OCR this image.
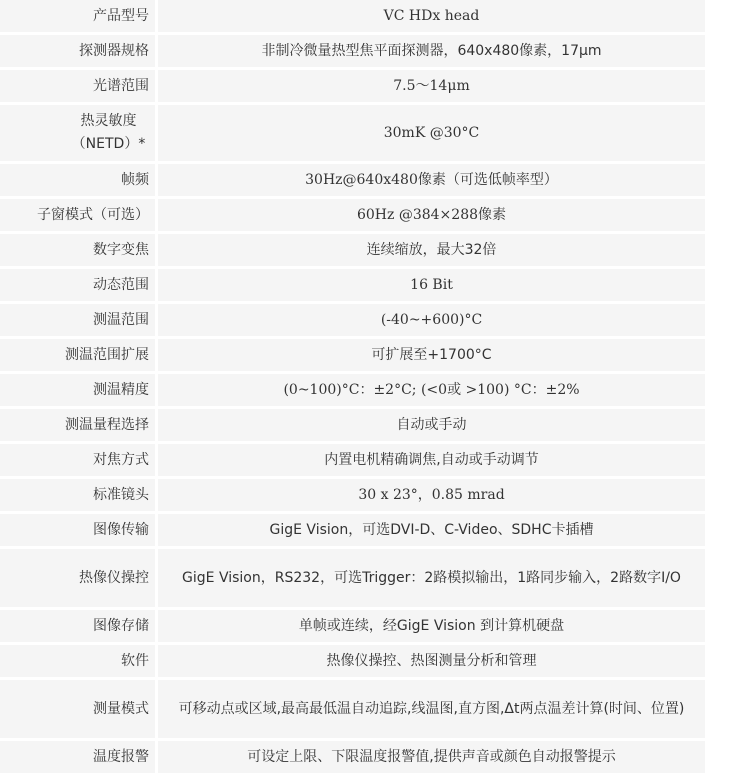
产品型号	VC HDx head
探测器规格	非制冷微量热型焦平面探测器，640x480像素，17μm
光谱范围	7.5～14μm
热灵敏度（NETD）*	30mK @30°C
帧频	30Hz@640x480像素（可选低帧率型）
子窗模式（可选）	60Hz @384×288像素
数字变焦	连续缩放，最大32倍
动态范围	16 Bit
测温范围	(-40~+600)°C
测温范围扩展	可扩展至+1700°C
测温精度	(0~100)°C：±2°C; (<0或 >100) °C：±2%
测温量程选择	自动或手动
对焦方式	内置电机精确调焦,自动或手动调节
标准镜头	30 x 23°，0.85 mrad
图像传输	GigE Vision，可选DVI-D、C-Video、SDHC卡插槽
热像仪操控	GigE Vision，RS232，可选Trigger：2路模拟输出，1路同步输入，2路数字I/O
图像存储	单帧或连续，经GigE Vision 到计算机硬盘
软件	热像仪操控、热图测量分析和管理
测量模式	可移动点或区域,最高最低温自动追踪,线温图,直方图,Δt两点温差计算(时间、位置)
温度报警	可设定上限、下限温度报警值,提供声音或颜色自动报警提示
